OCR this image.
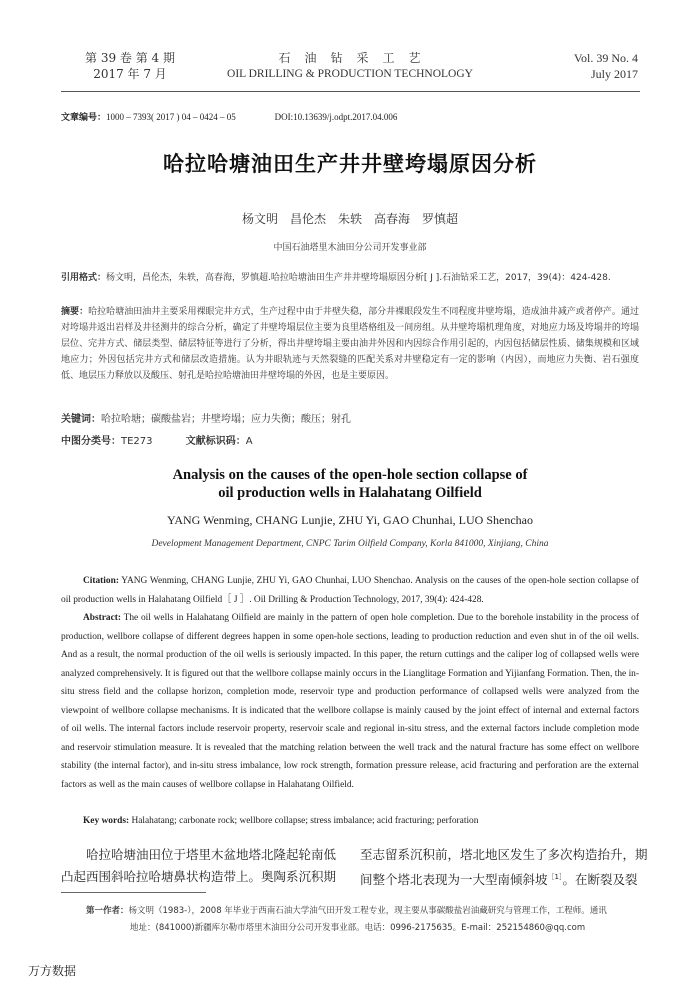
第 39 卷 第 4 期
2017 年 7 月
石　油　钻　采　工　艺
OIL DRILLING & PRODUCTION TECHNOLOGY
Vol. 39 No. 4
July 2017
文章编号：1000 – 7393( 2017 ) 04 – 0424 – 05	DOI:10.13639/j.odpt.2017.04.006
哈拉哈塘油田生产井井壁垮塌原因分析
杨文明　昌伦杰　朱轶　高春海　罗慎超
中国石油塔里木油田分公司开发事业部
引用格式：杨文明，昌伦杰，朱轶，高春海，罗慎超.哈拉哈塘油田生产井井壁垮塌原因分析[ J ].石油钻采工艺，2017，39(4)：424-428.
摘要：哈拉哈塘油田油井主要采用裸眼完井方式，生产过程中由于井壁失稳，部分井裸眼段发生不同程度井壁垮塌，造成油井减产或者停产。通过对垮塌井返出岩样及井径测井的综合分析，确定了井壁垮塌层位主要为良里塔格组及一间房组。从井壁垮塌机理角度，对地应力场及垮塌井的垮塌层位、完井方式、储层类型、储层特征等进行了分析，得出井壁垮塌主要由油井外因和内因综合作用引起的，内因包括储层性质、储集规模和区域地应力；外因包括完井方式和储层改造措施。认为井眼轨迹与天然裂缝的匹配关系对井壁稳定有一定的影响（内因），而地应力失衡、岩石强度低、地层压力释放以及酸压、射孔是哈拉哈塘油田井壁垮塌的外因，也是主要原因。
关键词：哈拉哈塘；碳酸盐岩；井壁垮塌；应力失衡；酸压；射孔
中图分类号：TE273	文献标识码：A
Analysis on the causes of the open-hole section collapse of
oil production wells in Halahatang Oilfield
YANG Wenming, CHANG Lunjie, ZHU Yi, GAO Chunhai, LUO Shenchao
Development Management Department, CNPC Tarim Oilfield Company, Korla 841000, Xinjiang, China
Citation: YANG Wenming, CHANG Lunjie, ZHU Yi, GAO Chunhai, LUO Shenchao. Analysis on the causes of the open-hole section collapse of oil production wells in Halahatang Oilfield［ J ］. Oil Drilling & Production Technology, 2017, 39(4): 424-428.
Abstract: The oil wells in Halahatang Oilfield are mainly in the pattern of open hole completion. Due to the borehole instability in the process of production, wellbore collapse of different degrees happen in some open-hole sections, leading to production reduction and even shut in of the oil wells. And as a result, the normal production of the oil wells is seriously impacted. In this paper, the return cuttings and the caliper log of collapsed wells were analyzed comprehensively. It is figured out that the wellbore collapse mainly occurs in the Lianglitage Formation and Yijianfang Formation. Then, the in-situ stress field and the collapse horizon, completion mode, reservoir type and production performance of collapsed wells were analyzed from the viewpoint of wellbore collapse mechanisms. It is indicated that the wellbore collapse is mainly caused by the joint effect of internal and external factors of oil wells. The internal factors include reservoir property, reservoir scale and regional in-situ stress, and the external factors include completion mode and reservoir stimulation measure. It is revealed that the matching relation between the well track and the natural fracture has some effect on wellbore stability (the internal factor), and in-situ stress imbalance, low rock strength, formation pressure release, acid fracturing and perforation are the external factors as well as the main causes of wellbore collapse in Halahatang Oilfield.
Key words: Halahatang; carbonate rock; wellbore collapse; stress imbalance; acid fracturing; perforation
哈拉哈塘油田位于塔里木盆地塔北隆起轮南低
凸起西围斜哈拉哈塘鼻状构造带上。奥陶系沉积期
至志留系沉积前，塔北地区发生了多次构造抬升，期
间整个塔北表现为一大型南倾斜坡$^{[1]}$。在断裂及裂
第一作者：杨文明（1983-），2008 年毕业于西南石油大学油气田开发工程专业，现主要从事碳酸盐岩油藏研究与管理工作，工程师。通讯
地址：(841000)新疆库尔勒市塔里木油田分公司开发事业部。电话：0996-2175635。E-mail：252154860@qq.com
万方数据
